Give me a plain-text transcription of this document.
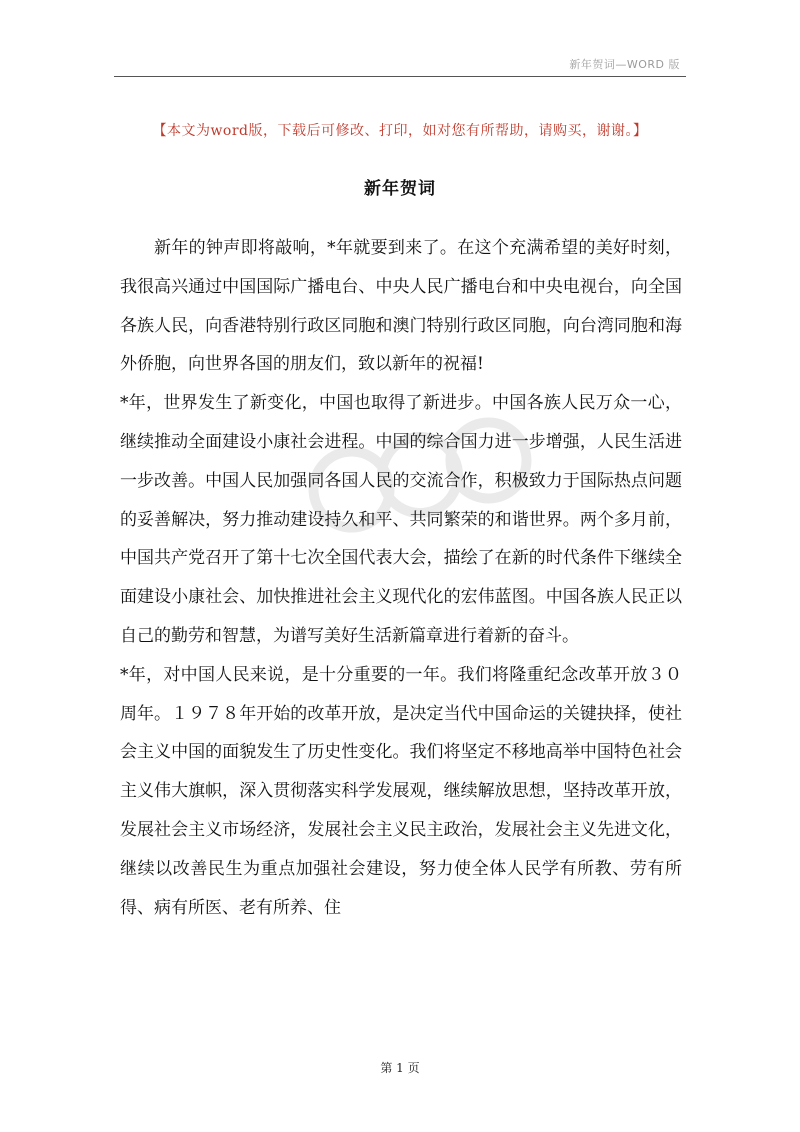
新年贺词—WORD 版
【本文为word版，下载后可修改、打印，如对您有所帮助，请购买，谢谢。】
新年贺词

新年的钟声即将敲响，*年就要到来了。在这个充满希望的美好时刻，我很高兴通过中国国际广播电台、中央人民广播电台和中央电视台，向全国各族人民，向香港特别行政区同胞和澳门特别行政区同胞，向台湾同胞和海外侨胞，向世界各国的朋友们，致以新年的祝福!

*年，世界发生了新变化，中国也取得了新进步。中国各族人民万众一心，继续推动全面建设小康社会进程。中国的综合国力进一步增强，人民生活进一步改善。中国人民加强同各国人民的交流合作，积极致力于国际热点问题的妥善解决，努力推动建设持久和平、共同繁荣的和谐世界。两个多月前，中国共产党召开了第十七次全国代表大会，描绘了在新的时代条件下继续全面建设小康社会、加快推进社会主义现代化的宏伟蓝图。中国各族人民正以自己的勤劳和智慧，为谱写美好生活新篇章进行着新的奋斗。

*年，对中国人民来说，是十分重要的一年。我们将隆重纪念改革开放３０周年。１９７８年开始的改革开放，是决定当代中国命运的关键抉择，使社会主义中国的面貌发生了历史性变化。我们将坚定不移地高举中国特色社会主义伟大旗帜，深入贯彻落实科学发展观，继续解放思想，坚持改革开放，发展社会主义市场经济，发展社会主义民主政治，发展社会主义先进文化，继续以改善民生为重点加强社会建设，努力使全体人民学有所教、劳有所得、病有所医、老有所养、住

第 1 页
